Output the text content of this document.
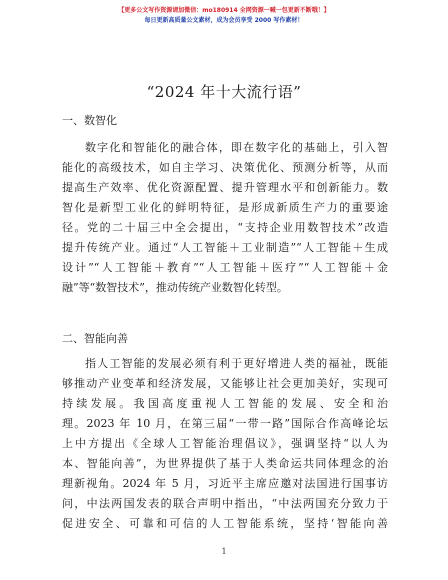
【更多公文写作资源请加微信：mo180914 全网资源一喊一包更新不断哦！】
每日更新高质量公文素材，成为会员享受 2000 写作素材！
“2024 年十大流行语”
一、数智化
数字化和智能化的融合体，即在数字化的基础上，引入智
能化的高级技术，如自主学习、决策优化、预测分析等，从而
提高生产效率、优化资源配置、提升管理水平和创新能力。数
智化是新型工业化的鲜明特征，是形成新质生产力的重要途
径。党的二十届三中全会提出，“支持企业用数智技术”改造
提升传统产业。通过“人工智能＋工业制造”“人工智能＋生成
设计”“人工智能＋教育”“人工智能＋医疗”“人工智能＋金
融”等“数智技术”，推动传统产业数智化转型。
二、智能向善
指人工智能的发展必须有利于更好增进人类的福祉，既能
够推动产业变革和经济发展，又能够让社会更加美好，实现可
持续发展。我国高度重视人工智能的发展、安全和治
理。2023 年 10 月，在第三届“一带一路”国际合作高峰论坛
上中方提出《全球人工智能治理倡议》，强调坚持“以人为
本、智能向善”，为世界提供了基于人类命运共同体理念的治
理新视角。2024 年 5 月，习近平主席应邀对法国进行国事访
问，中法两国发表的联合声明中指出，“中法两国充分致力于
促进安全、可靠和可信的人工智能系统，坚持‘智能向善
1
